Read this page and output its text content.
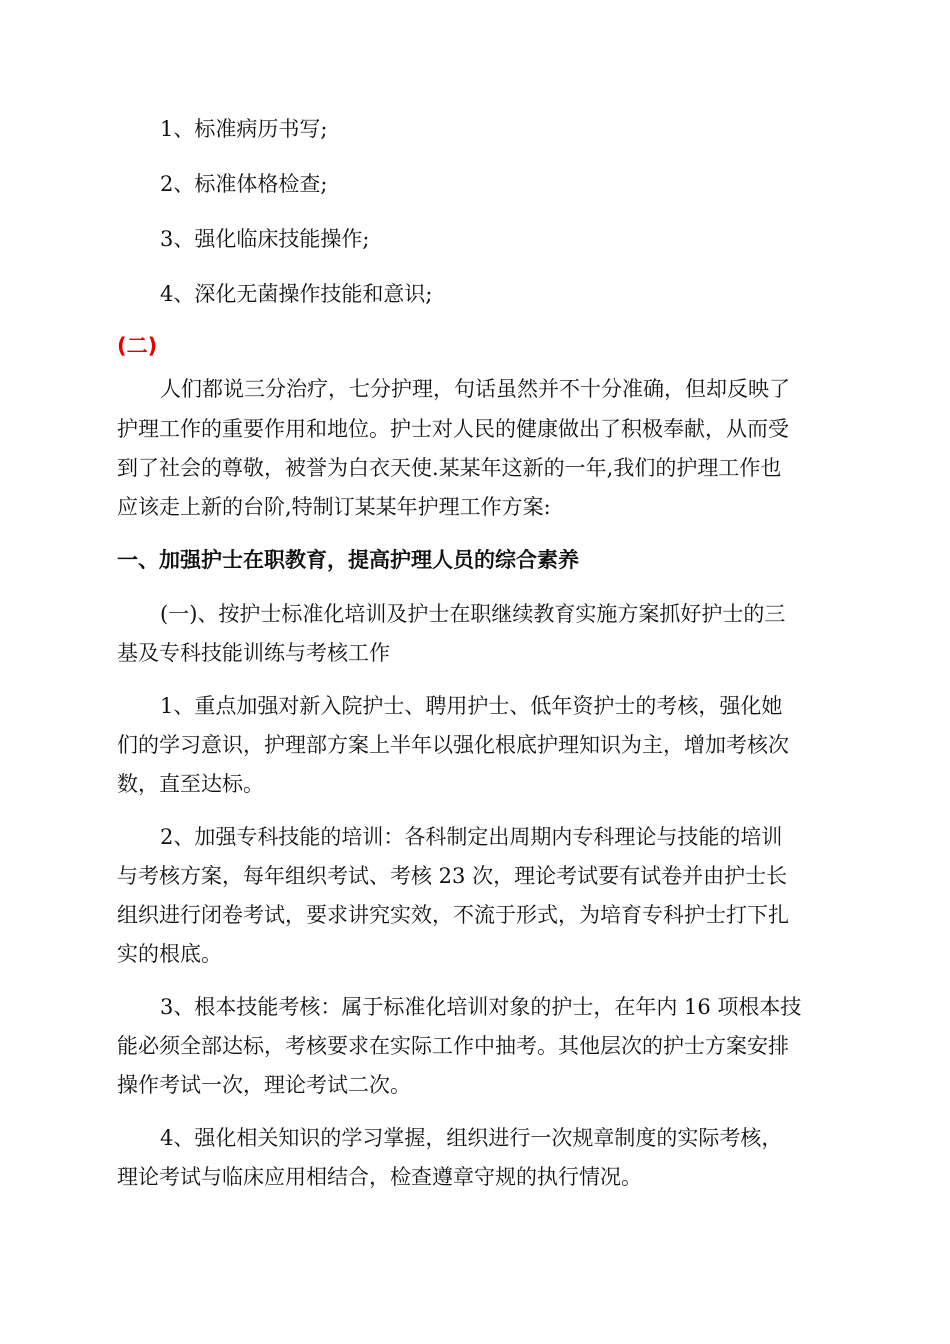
1、标准病历书写;
2、标准体格检查;
3、强化临床技能操作;
4、深化无菌操作技能和意识;
(二)
人们都说三分治疗，七分护理，句话虽然并不十分准确，但却反映了
护理工作的重要作用和地位。护士对人民的健康做出了积极奉献，从而受
到了社会的尊敬，被誉为白衣天使.某某年这新的一年,我们的护理工作也
应该走上新的台阶,特制订某某年护理工作方案:
一、加强护士在职教育，提高护理人员的综合素养
(一)、按护士标准化培训及护士在职继续教育实施方案抓好护士的三
基及专科技能训练与考核工作
1、重点加强对新入院护士、聘用护士、低年资护士的考核，强化她
们的学习意识，护理部方案上半年以强化根底护理知识为主，增加考核次
数，直至达标。
2、加强专科技能的培训：各科制定出周期内专科理论与技能的培训
与考核方案，每年组织考试、考核 23 次，理论考试要有试卷并由护士长
组织进行闭卷考试，要求讲究实效，不流于形式，为培育专科护士打下扎
实的根底。
3、根本技能考核：属于标准化培训对象的护士，在年内 16 项根本技
能必须全部达标，考核要求在实际工作中抽考。其他层次的护士方案安排
操作考试一次，理论考试二次。
4、强化相关知识的学习掌握，组织进行一次规章制度的实际考核，
理论考试与临床应用相结合，检查遵章守规的执行情况。
